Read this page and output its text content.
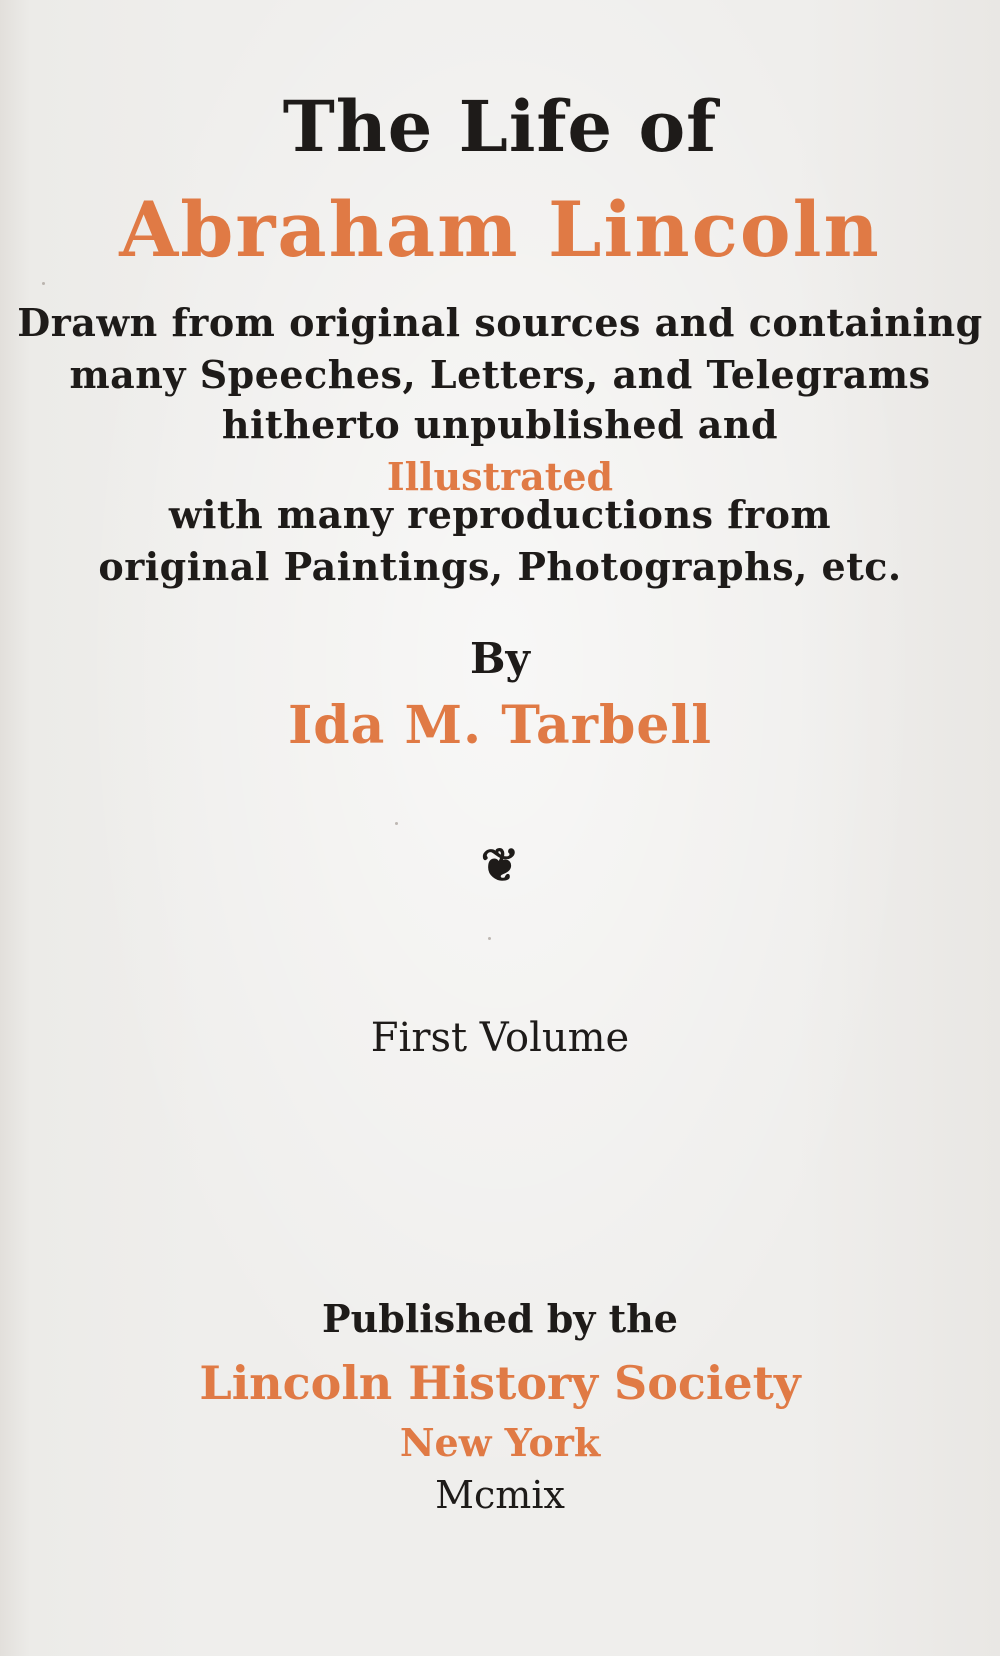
The Life of
Abraham Lincoln
Drawn from original sources and containing
many Speeches, Letters, and Telegrams
hitherto unpublished and
Illustrated
with many reproductions from
original Paintings, Photographs, etc.
By
Ida M. Tarbell
❦
First Volume
Published by the
Lincoln History Society
New York
Mcmix
